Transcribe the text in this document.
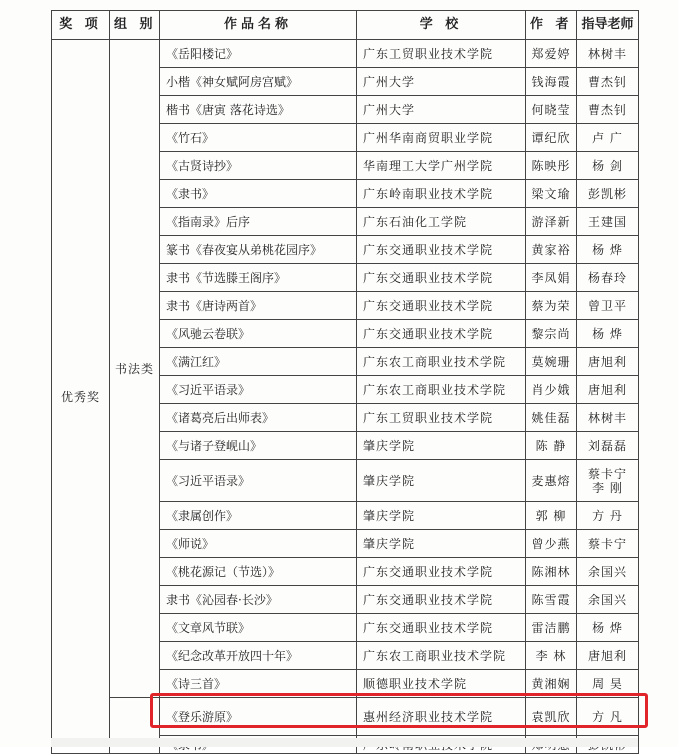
奖 项	组 别	作品名称	学 校	作 者	指导老师
优秀奖	书法类	《岳阳楼记》	广东工贸职业技术学院	郑爱婷	林树丰

		小楷《神女赋阿房宫赋》	广州大学	钱海霞	曹杰钊

		楷书《唐寅 落花诗选》	广州大学	何晓莹	曹杰钊

		《竹石》	广州华南商贸职业学院	谭纪欣	卢 广

		《古贤诗抄》	华南理工大学广州学院	陈映彤	杨 剑

		《隶书》	广东岭南职业技术学院	梁文瑜	彭凯彬

		《指南录》后序	广东石油化工学院	游泽新	王建国

		篆书《春夜宴从弟桃花园序》	广东交通职业技术学院	黄家裕	杨 烨

		隶书《节选滕王阁序》	广东交通职业技术学院	李凤娟	杨春玲

		隶书《唐诗两首》	广东交通职业技术学院	蔡为荣	曾卫平

		《风驰云卷联》	广东交通职业技术学院	黎宗尚	杨 烨

		《满江红》	广东农工商职业技术学院	莫婉珊	唐旭利

		《习近平语录》	广东农工商职业技术学院	肖少娥	唐旭利

		《诸葛亮后出师表》	广东工贸职业技术学院	姚佳磊	林树丰

		《与诸子登岘山》	肇庆学院	陈 静	刘磊磊

		《习近平语录》	肇庆学院	麦惠熔	蔡卡宁
李 刚

		《隶属创作》	肇庆学院	郭 柳	方 丹

		《师说》	肇庆学院	曾少燕	蔡卡宁

		《桃花源记（节选）》	广东交通职业技术学院	陈湘林	余国兴

		隶书《沁园春·长沙》	广东交通职业技术学院	陈雪霞	余国兴

		《文章风节联》	广东交通职业技术学院	雷洁鹏	杨 烨

		《纪念改革开放四十年》	广东农工商职业技术学院	李 林	唐旭利

		《诗三首》	顺德职业技术学院	黄湘娴	周 昊

		《登乐游原》	惠州经济职业技术学院	袁凯欣	方 凡
